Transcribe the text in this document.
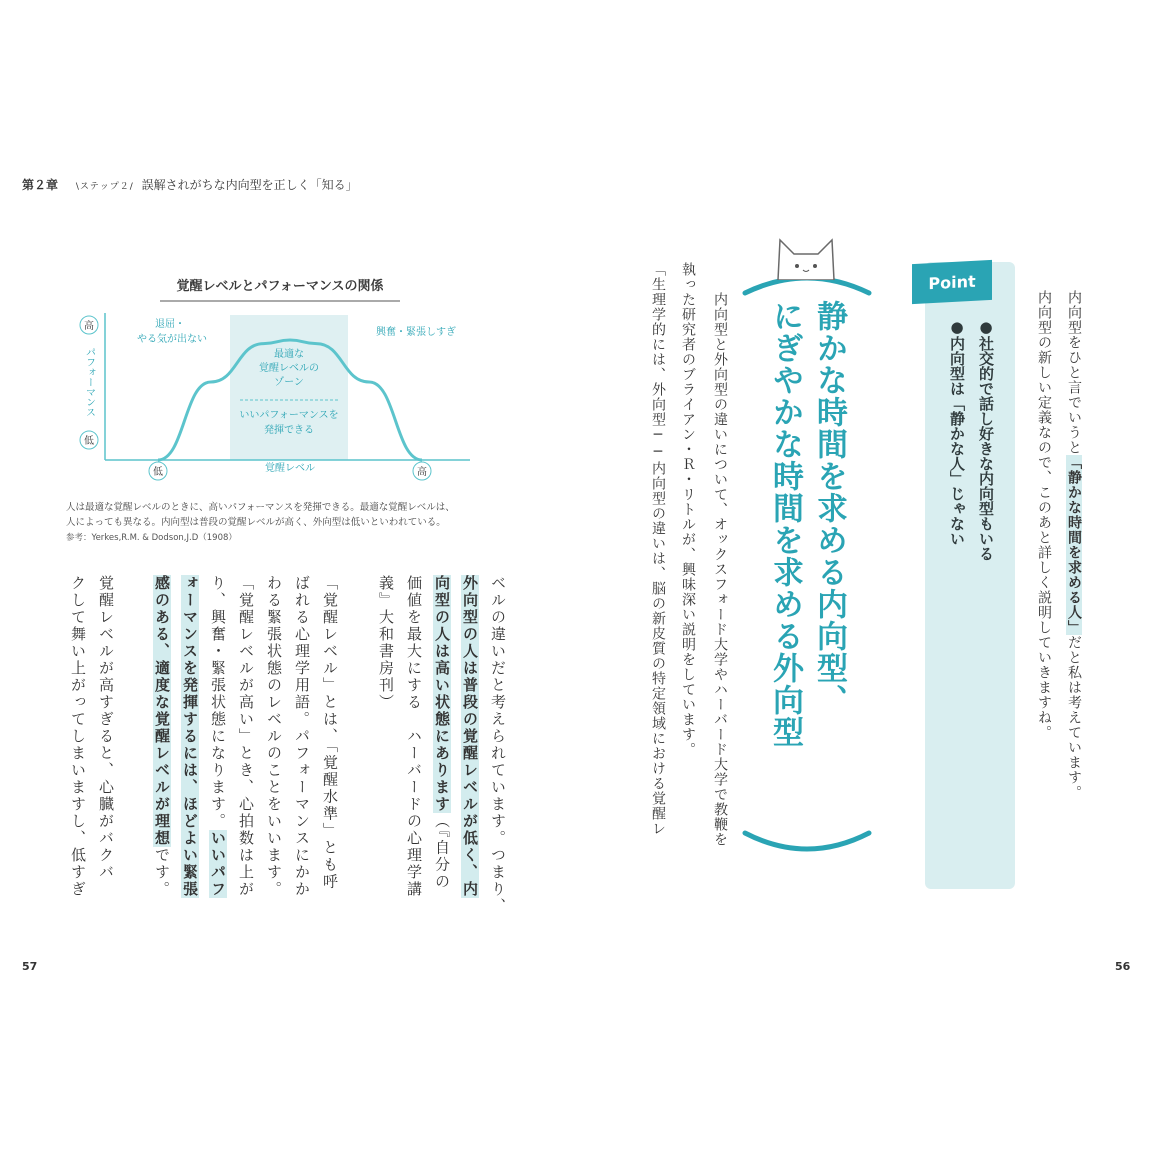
第２章 \ステップ２/ 誤解されがちな内向型を正しく「知る」
覚醒レベルとパフォーマンスの関係
高
低
パフォーマンス
低	高
覚醒レベル
退屈・
やる気が出ない
興奮・緊張しすぎ
最適な
覚醒レベルの
ゾーン
いいパフォーマンスを
発揮できる
人は最適な覚醒レベルのときに、高いパフォーマンスを発揮できる。最適な覚醒レベルは、
人によっても異なる。内向型は普段の覚醒レベルが高く、外向型は低いといわれている。
参考：Yerkes,R.M. & Dodson,J.D（1908）
ベルの違いだと考えられています。つまり、
外向型の人は普段の覚醒レベルが低く、内
向型の人は高い状態にあります（『自分の
価値を最大にする　ハーバードの心理学講
義』大和書房刊）
「覚醒レベル」とは、「覚醒水準」とも呼
ばれる心理学用語。パフォーマンスにかか
わる緊張状態のレベルのことをいいます。
「覚醒レベルが高い」とき、心拍数は上が
り、興奮・緊張状態になります。いいパフ
ォーマンスを発揮するには、ほどよい緊張
感のある、適度な覚醒レベルが理想です。
覚醒レベルが高すぎると、心臓がバクバ
クして舞い上がってしまいますし、低すぎ	内向型と外向型の違いについて、オックスフォード大学やハーバード大学で教鞭を
執った研究者のブライアン・Ｒ・リトルが、興味深い説明をしています。
「生理学的には、外向型──内向型の違いは、脳の新皮質の特定領域における覚醒レ	静かな時間を求める内向型、
にぎやかな時間を求める外向型
Point
●社交的で話し好きな内向型もいる
●内向型は「静かな人」じゃない	内向型をひと言でいうと「静かな時間を求める人」だと私は考えています。
内向型の新しい定義なので、このあと詳しく説明していきますね。
57	56
